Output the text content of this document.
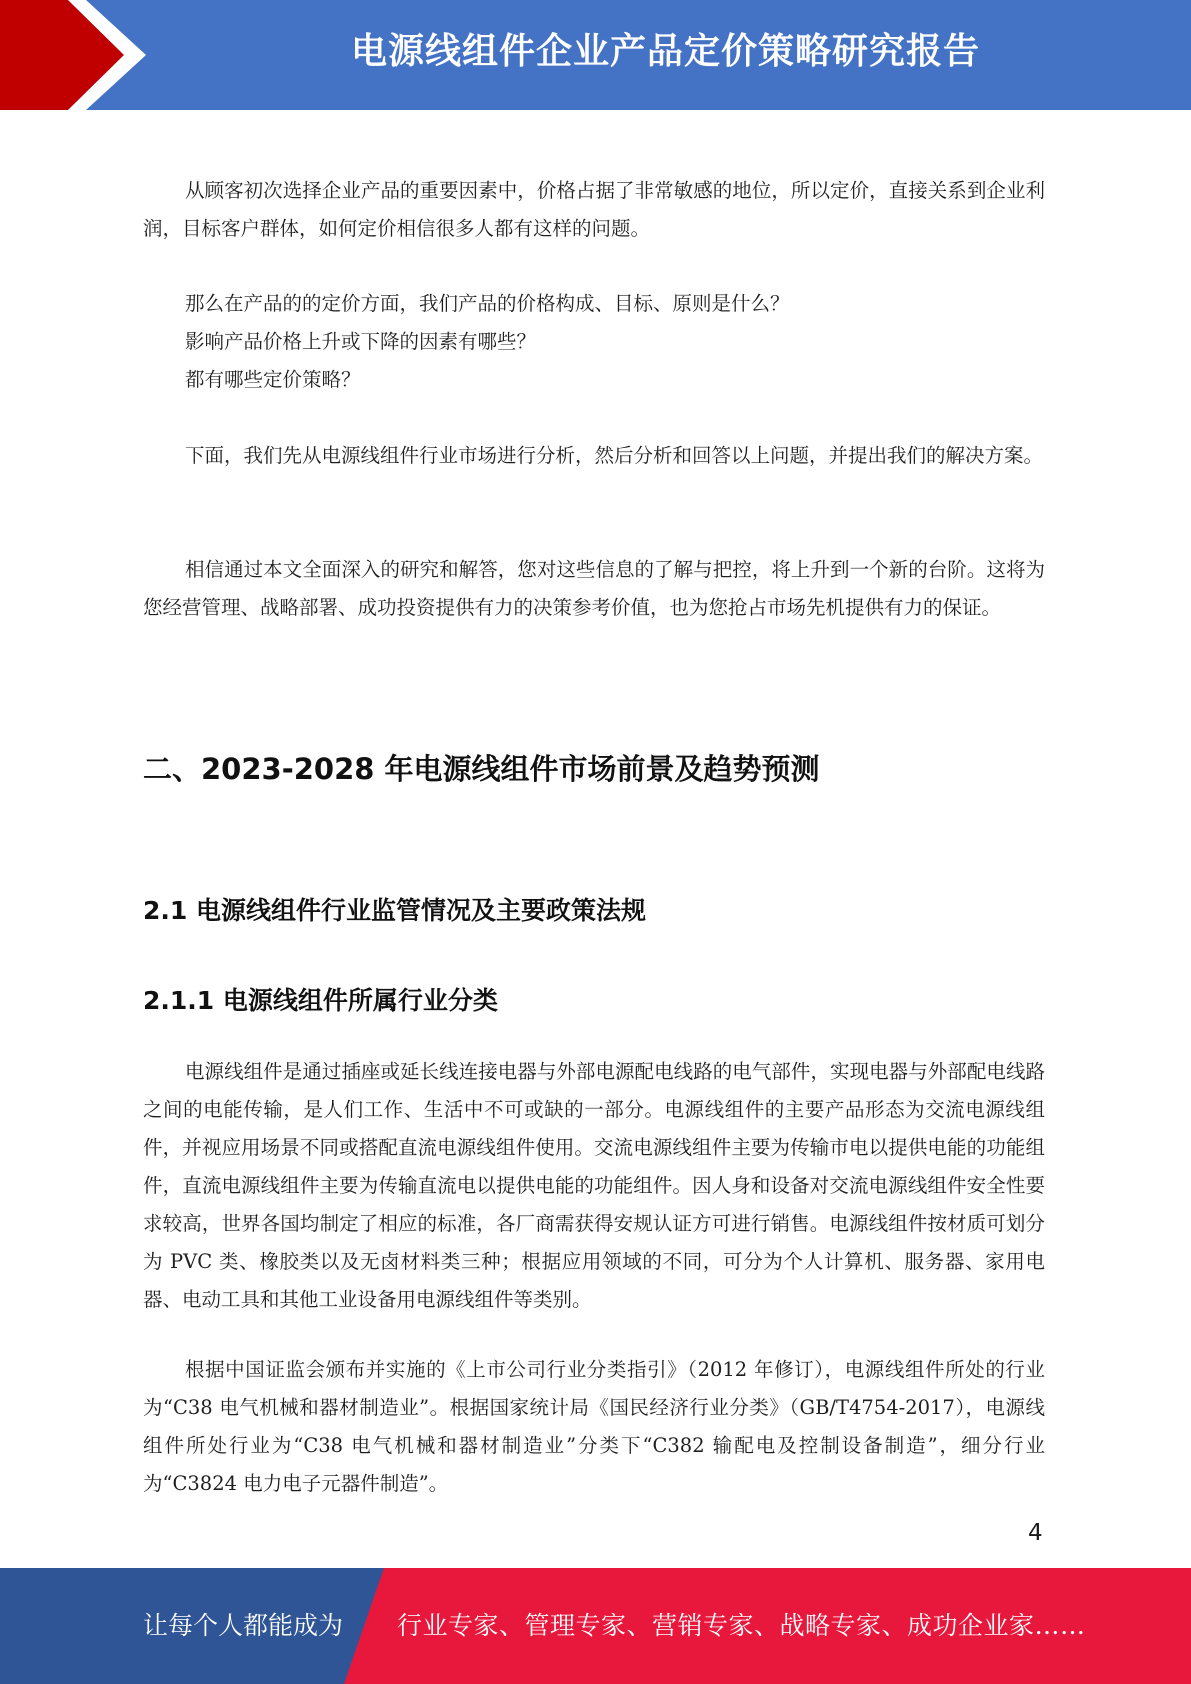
电源线组件企业产品定价策略研究报告

从顾客初次选择企业产品的重要因素中，价格占据了非常敏感的地位，所以定价，直接关系到企业利润，目标客户群体，如何定价相信很多人都有这样的问题。

那么在产品的的定价方面，我们产品的价格构成、目标、原则是什么？

影响产品价格上升或下降的因素有哪些？

都有哪些定价策略？

下面，我们先从电源线组件行业市场进行分析，然后分析和回答以上问题，并提出我们的解决方案。

相信通过本文全面深入的研究和解答，您对这些信息的了解与把控，将上升到一个新的台阶。这将为您经营管理、战略部署、成功投资提供有力的决策参考价值，也为您抢占市场先机提供有力的保证。

二、2023-2028 年电源线组件市场前景及趋势预测
2.1 电源线组件行业监管情况及主要政策法规
2.1.1 电源线组件所属行业分类

电源线组件是通过插座或延长线连接电器与外部电源配电线路的电气部件，实现电器与外部配电线路之间的电能传输，是人们工作、生活中不可或缺的一部分。电源线组件的主要产品形态为交流电源线组件，并视应用场景不同或搭配直流电源线组件使用。交流电源线组件主要为传输市电以提供电能的功能组件，直流电源线组件主要为传输直流电以提供电能的功能组件。因人身和设备对交流电源线组件安全性要求较高，世界各国均制定了相应的标准，各厂商需获得安规认证方可进行销售。电源线组件按材质可划分为 PVC 类、橡胶类以及无卤材料类三种；根据应用领域的不同，可分为个人计算机、服务器、家用电器、电动工具和其他工业设备用电源线组件等类别。

根据中国证监会颁布并实施的《上市公司行业分类指引》（2012 年修订），电源线组件所处的行业为“C38 电气机械和器材制造业”。根据国家统计局《国民经济行业分类》（GB/T4754-2017），电源线组件所处行业为“C38 电气机械和器材制造业”分类下“C382 输配电及控制设备制造”，细分行业为“C3824 电力电子元器件制造”。

4
让每个人都能成为 行业专家、管理专家、营销专家、战略专家、成功企业家……
